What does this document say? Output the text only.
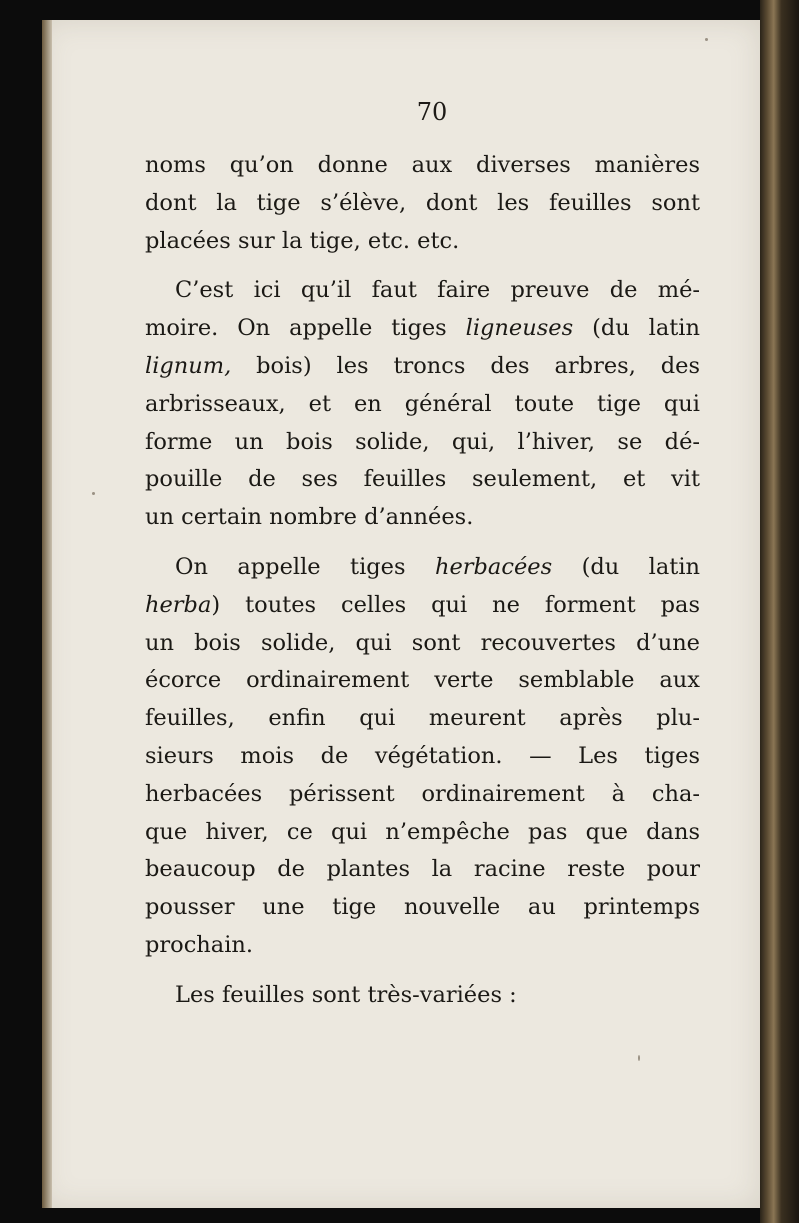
70
noms qu’on donne aux diverses manières
dont la tige s’élève, dont les feuilles sont
placées sur la tige, etc. etc.
C’est ici qu’il faut faire preuve de mé-
moire. On appelle tiges ligneuses (du latin
lignum, bois) les troncs des arbres, des
arbrisseaux, et en général toute tige qui
forme un bois solide, qui, l’hiver, se dé-
pouille de ses feuilles seulement, et vit
un certain nombre d’années.
On appelle tiges herbacées (du latin
herba) toutes celles qui ne forment pas
un bois solide, qui sont recouvertes d’une
écorce ordinairement verte semblable aux
feuilles, enfin qui meurent après plu-
sieurs mois de végétation. — Les tiges
herbacées périssent ordinairement à cha-
que hiver, ce qui n’empêche pas que dans
beaucoup de plantes la racine reste pour
pousser une tige nouvelle au printemps
prochain.
Les feuilles sont très-variées :
